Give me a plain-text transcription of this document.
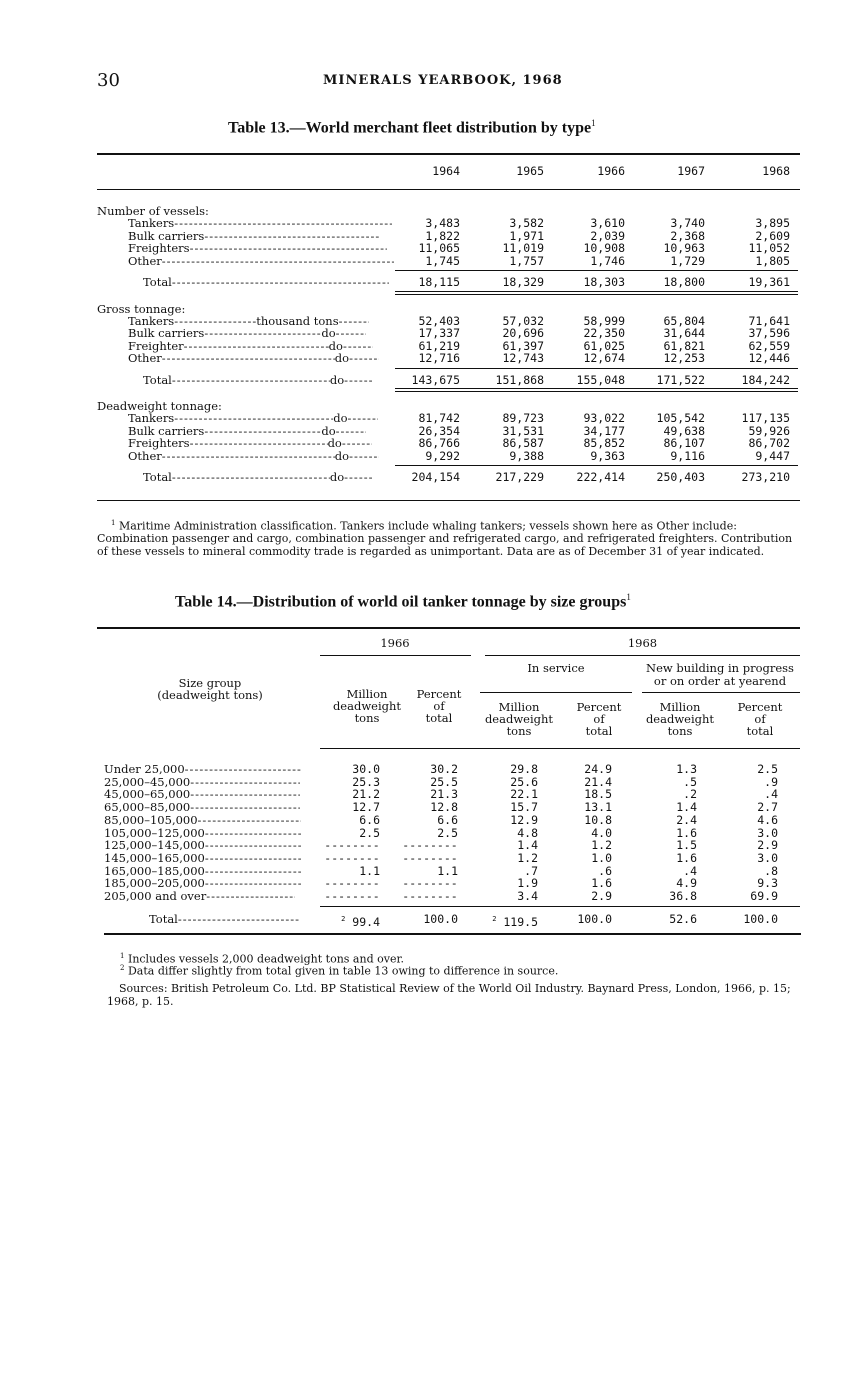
30	MINERALS YEARBOOK, 1968
Table 13.—World merchant fleet distribution by type$^1$
1964	1965	1966	1967	1968
Number of vessels:
Tankers -----	3,483	3,582	3,610	3,740	3,895
Bulk carriers -----	1,822	1,971	2,039	2,368	2,609
Freighters -----	11,065	11,019	10,908	10,963	11,052
Other -----	1,745	1,757	1,746	1,729	1,805
Total -----	18,115	18,329	18,303	18,800	19,361
Gross tonnage:
Tankers -----	thousand tons -----	52,403	57,032	58,999	65,804	71,641
Bulk carriers -----	do -----	17,337	20,696	22,350	31,644	37,596
Freighter -----	do -----	61,219	61,397	61,025	61,821	62,559
Other -----	do -----	12,716	12,743	12,674	12,253	12,446
Total -----	do -----	143,675	151,868	155,048	171,522	184,242
Deadweight tonnage:
Tankers -----	do -----	81,742	89,723	93,022	105,542	117,135
Bulk carriers -----	do -----	26,354	31,531	34,177	49,638	59,926
Freighters -----	do -----	86,766	86,587	85,852	86,107	86,702
Other -----	do -----	9,292	9,388	9,363	9,116	9,447
Total -----	do -----	204,154	217,229	222,414	250,403	273,210
$^1$ Maritime Administration classification. Tankers include whaling tankers; vessels shown here as Other include: Combination passenger and cargo, combination passenger and refrigerated cargo, and refrigerated freighters. Contribution of these vessels to mineral commodity trade is regarded as unimportant. Data are as of December 31 of year indicated.
Table 14.—Distribution of world oil tanker tonnage by size groups$^1$
1966	1968
In service	New building in progress
or on order at yearend
Size group
(deadweight tons)	Million
deadweight
tons
Percent
of
total
Million
deadweight
tons
Percent
of
total
Million
deadweight
tons
Percent
of
total
Under 25,000 -----	30.0	30.2	29.8	24.9	1.3	2.5
25,000–45,000 -----	25.3	25.5	25.6	21.4	.5	.9
45,000–65,000 -----	21.2	21.3	22.1	18.5	.2	.4
65,000–85,000 -----	12.7	12.8	15.7	13.1	1.4	2.7
85,000–105,000 -----	6.6	6.6	12.9	10.8	2.4	4.6
105,000–125,000 -----	2.5	2.5	4.8	4.0	1.6	3.0
125,000–145,000 -----	-------- --------	1.4	1.2	1.5	2.9
145,000–165,000 -----	-------- --------	1.2	1.0	1.6	3.0
165,000–185,000 -----	1.1	1.1	.7	.6	.4	.8
185,000–205,000 -----	-------- --------	1.9	1.6	4.9	9.3
205,000 and over -----	-------- --------	3.4	2.9	36.8	69.9
Total -----	$^2$ 99.4	100.0	$^2$ 119.5	100.0	52.6	100.0
$^1$ Includes vessels 2,000 deadweight tons and over.
$^2$ Data differ slightly from total given in table 13 owing to difference in source.
Sources: British Petroleum Co. Ltd. BP Statistical Review of the World Oil Industry. Baynard Press, London, 1966, p. 15; 1968, p. 15.
